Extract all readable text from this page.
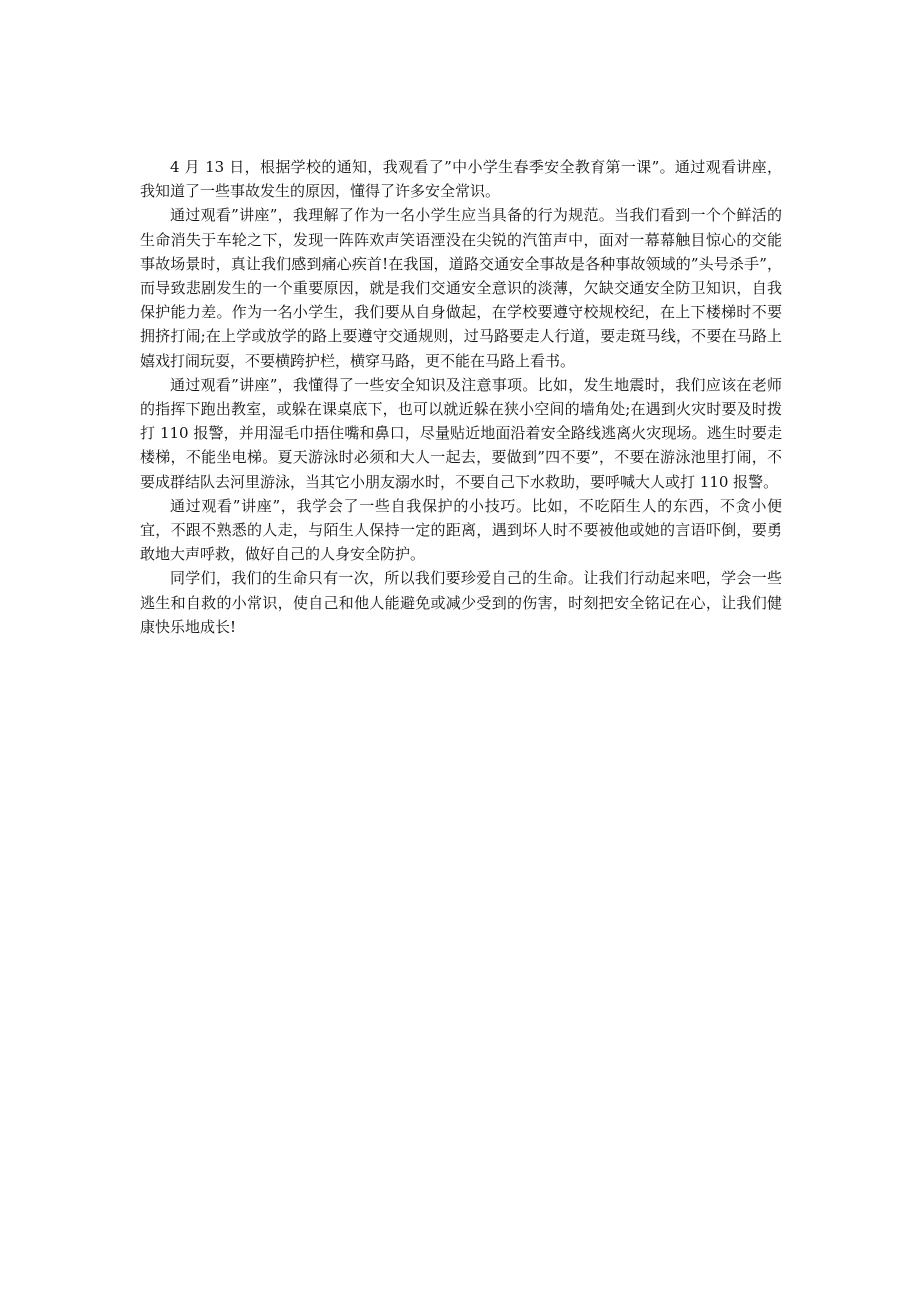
4 月 13 日，根据学校的通知，我观看了”中小学生春季安全教育第一课”。通过观看讲座，我知道了一些事故发生的原因，懂得了许多安全常识。

通过观看”讲座”，我理解了作为一名小学生应当具备的行为规范。当我们看到一个个鲜活的生命消失于车轮之下，发现一阵阵欢声笑语湮没在尖锐的汽笛声中，面对一幕幕触目惊心的交能事故场景时，真让我们感到痛心疾首!在我国，道路交通安全事故是各种事故领域的”头号杀手”，而导致悲剧发生的一个重要原因，就是我们交通安全意识的淡薄，欠缺交通安全防卫知识，自我保护能力差。作为一名小学生，我们要从自身做起，在学校要遵守校规校纪，在上下楼梯时不要拥挤打闹;在上学或放学的路上要遵守交通规则，过马路要走人行道，要走斑马线，不要在马路上嬉戏打闹玩耍，不要横跨护栏，横穿马路，更不能在马路上看书。

通过观看”讲座”，我懂得了一些安全知识及注意事项。比如，发生地震时，我们应该在老师的指挥下跑出教室，或躲在课桌底下，也可以就近躲在狭小空间的墙角处;在遇到火灾时要及时拨打 110 报警，并用湿毛巾捂住嘴和鼻口，尽量贴近地面沿着安全路线逃离火灾现场。逃生时要走楼梯，不能坐电梯。夏天游泳时必须和大人一起去，要做到”四不要”，不要在游泳池里打闹，不要成群结队去河里游泳，当其它小朋友溺水时，不要自己下水救助，要呼喊大人或打 110 报警。

通过观看”讲座”，我学会了一些自我保护的小技巧。比如，不吃陌生人的东西，不贪小便宜，不跟不熟悉的人走，与陌生人保持一定的距离，遇到坏人时不要被他或她的言语吓倒，要勇敢地大声呼救，做好自己的人身安全防护。

同学们，我们的生命只有一次，所以我们要珍爱自己的生命。让我们行动起来吧，学会一些逃生和自救的小常识，使自己和他人能避免或减少受到的伤害，时刻把安全铭记在心，让我们健康快乐地成长!
